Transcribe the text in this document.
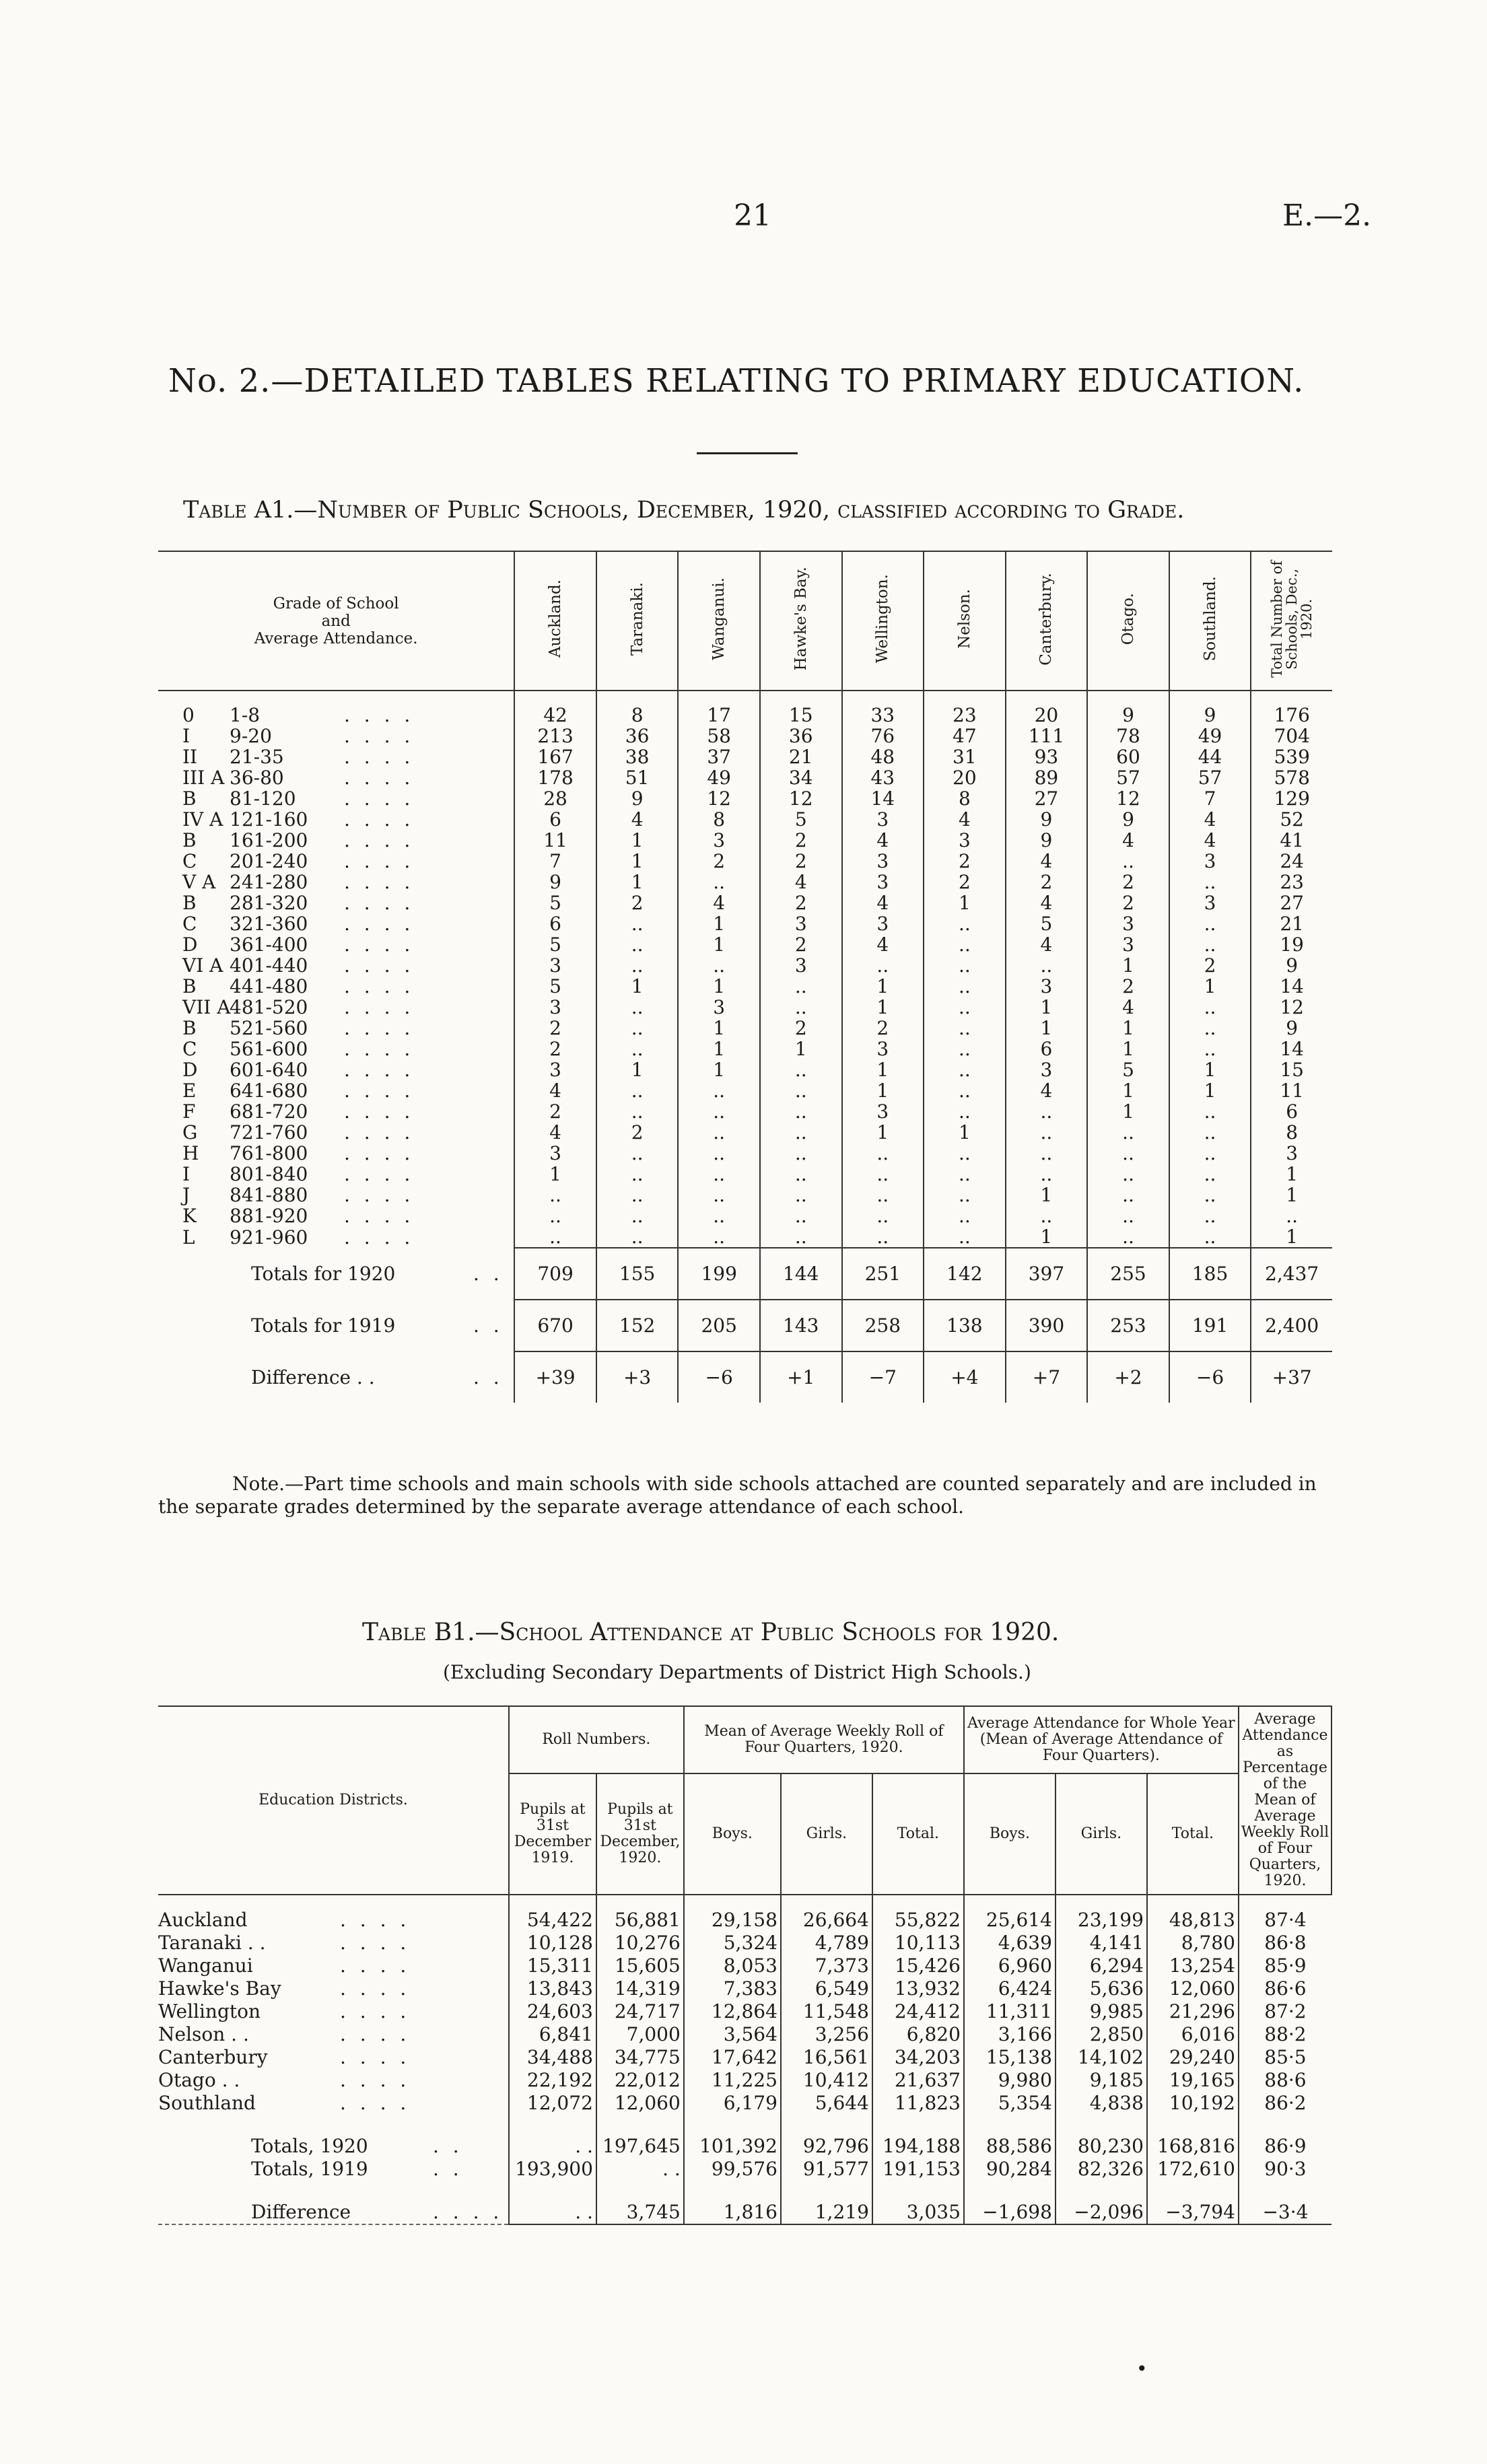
21	E.—2.
No. 2.—DETAILED TABLES RELATING TO PRIMARY EDUCATION.
Table A1.—Number of Public Schools, December, 1920, classified according to Grade.
Grade of School
and
Average Attendance.	Auckland.	Taranaki.	Wanganui.	Hawke's Bay.	Wellington.	Nelson.	Canterbury.	Otago.	Southland.	Total Number of Schools, Dec., 1920.
0 1-8 . . . .	42	8	17	15	33	23	20	9	9	176
I 9-20 . . . .	213	36	58	36	76	47	111	78	49	704
II 21-35 . . . .	167	38	37	21	48	31	93	60	44	539
III A 36-80 . . . .	178	51	49	34	43	20	89	57	57	578
B 81-120 . . . .	28	9	12	12	14	8	27	12	7	129
IV A 121-160 . . . .	6	4	8	5	3	4	9	9	4	52
B 161-200 . . . .	11	1	3	2	4	3	9	4	4	41
C 201-240 . . . .	7	1	2	2	3	2	4	..	3	24
V A 241-280 . . . .	9	1	..	4	3	2	2	2	..	23
B 281-320 . . . .	5	2	4	2	4	1	4	2	3	27
C 321-360 . . . .	6	..	1	3	3	..	5	3	..	21
D 361-400 . . . .	5	..	1	2	4	..	4	3	..	19
VI A 401-440 . . . .	3	..	..	3	..	..	..	1	2	9
B 441-480 . . . .	5	1	1	..	1	..	3	2	1	14
VII A481-520 . . . .	3	..	3	..	1	..	1	4	..	12
B 521-560 . . . .	2	..	1	2	2	..	1	1	..	9
C 561-600 . . . .	2	..	1	1	3	..	6	1	..	14
D 601-640 . . . .	3	1	1	..	1	..	3	5	1	15
E 641-680 . . . .	4	..	..	..	1	..	4	1	1	11
F 681-720 . . . .	2	..	..	..	3	..	..	1	..	6
G 721-760 . . . .	4	2	..	..	1	1	..	..	..	8
H 761-800 . . . .	3	..	..	..	..	..	..	..	..	3
I 801-840 . . . .	1	..	..	..	..	..	..	..	..	1
J 841-880 . . . .	..	..	..	..	..	..	1	..	..	1
K 881-920 . . . .	..	..	..	..	..	..	..	..	..	..
L 921-960 . . . .	..	..	..	..	..	..	1	..	..	1
Totals for 1920 . .	709	155	199	144	251	142	397	255	185	2,437
Totals for 1919 . .	670	152	205	143	258	138	390	253	191	2,400
Difference . . . .	+39	+3	−6	+1	−7	+4	+7	+2	−6	+37
Note.—Part time schools and main schools with side schools attached are counted separately and are included in the separate grades determined by the separate average attendance of each school.
Table B1.—School Attendance at Public Schools for 1920.
(Excluding Secondary Departments of District High Schools.)
Education Districts.	Roll Numbers.		Mean of Average Weekly Roll of Four Quarters, 1920.			Average Attendance for Whole Year (Mean of Average Attendance of Four Quarters).			Average Attendance as Percentage of the Mean of Average Weekly Roll of Four Quarters, 1920.
	Pupils at 31st December 1919.	Pupils at 31st December, 1920.	Boys.	Girls.	Total.	Boys.	Girls.	Total.	
Auckland . . . .	54,422	56,881	29,158	26,664	55,822	25,614	23,199	48,813	87·4
Taranaki . . . . . .	10,128	10,276	5,324	4,789	10,113	4,639	4,141	8,780	86·8
Wanganui . . . .	15,311	15,605	8,053	7,373	15,426	6,960	6,294	13,254	85·9
Hawke's Bay . . . .	13,843	14,319	7,383	6,549	13,932	6,424	5,636	12,060	86·6
Wellington . . . .	24,603	24,717	12,864	11,548	24,412	11,311	9,985	21,296	87·2
Nelson . . . . . .	6,841	7,000	3,564	3,256	6,820	3,166	2,850	6,016	88·2
Canterbury . . . .	34,488	34,775	17,642	16,561	34,203	15,138	14,102	29,240	85·5
Otago . . . . . .	22,192	22,012	11,225	10,412	21,637	9,980	9,185	19,165	88·6
Southland . . . .	12,072	12,060	6,179	5,644	11,823	5,354	4,838	10,192	86·2

Totals, 1920 . .	. .	197,645	101,392	92,796	194,188	88,586	80,230	168,816	86·9
Totals, 1919 . .	193,900	. .	99,576	91,577	191,153	90,284	82,326	172,610	90·3

Difference . . . .	. .	3,745	1,816	1,219	3,035	−1,698	−2,096	−3,794	−3·4
•
